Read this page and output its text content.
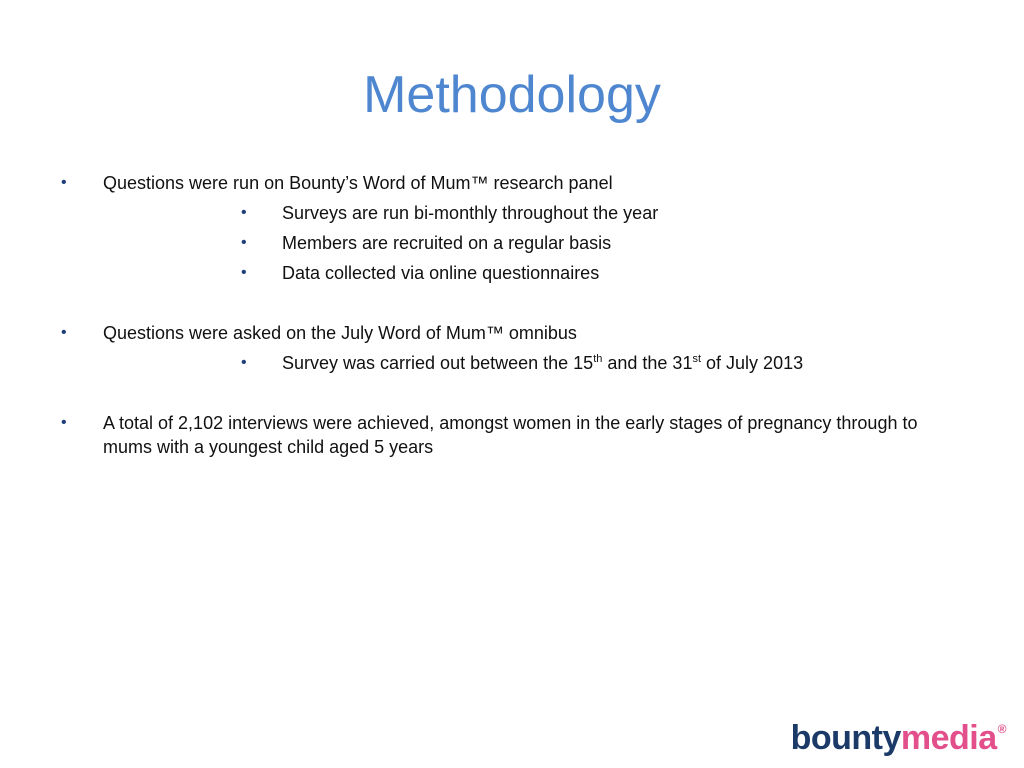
Methodology
• Questions were run on Bounty’s Word of Mum™ research panel
• Surveys are run bi-monthly throughout the year
• Members are recruited on a regular basis
• Data collected via online questionnaires
• Questions were asked on the July Word of Mum™ omnibus
• Survey was carried out between the 15th and the 31st of July 2013
• A total of 2,102 interviews were achieved, amongst women in the early stages of pregnancy through to mums with a youngest child aged 5 years
bountymedia®
